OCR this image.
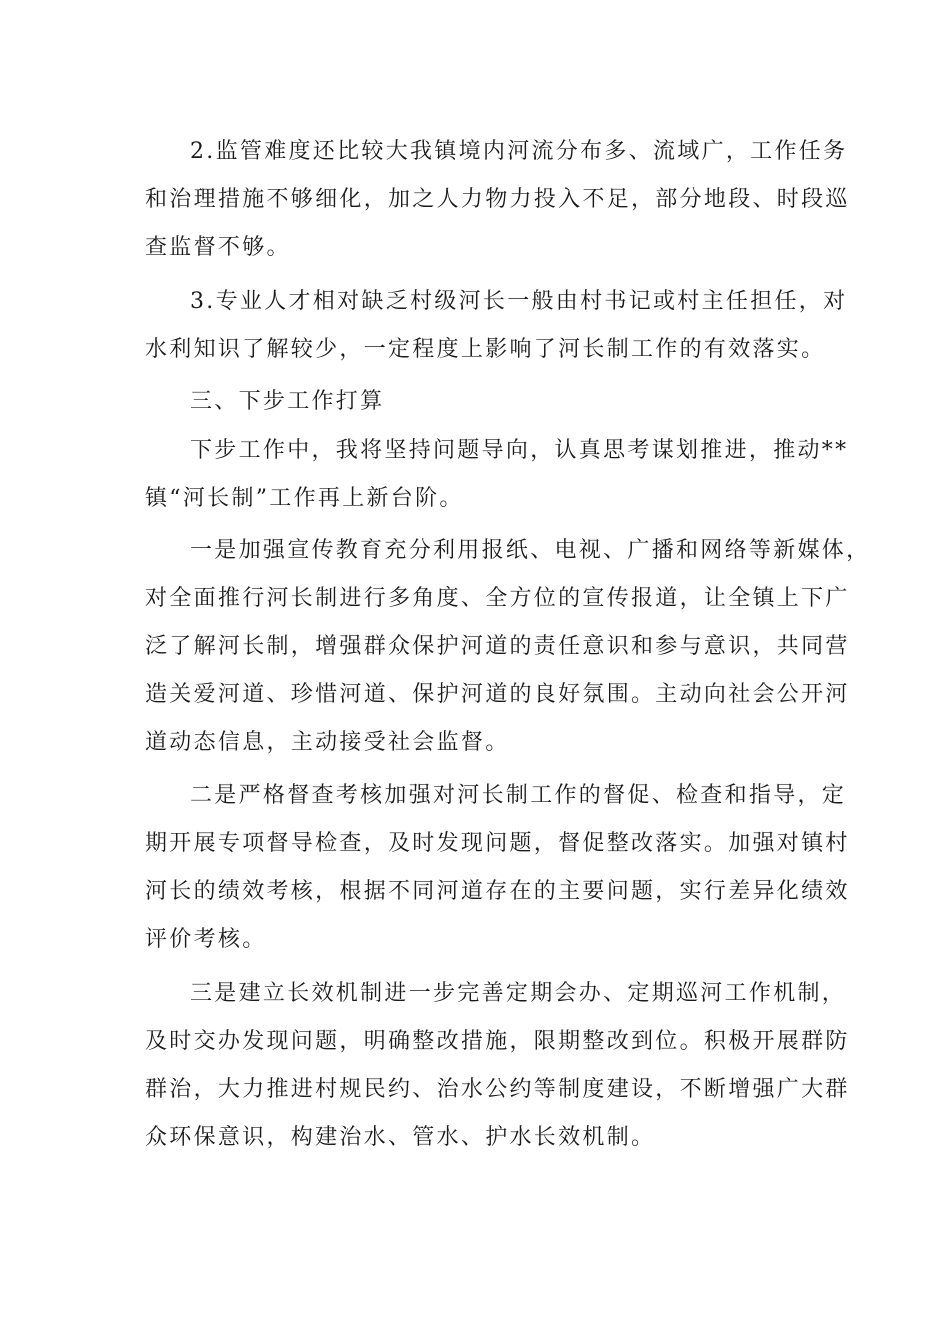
2.监管难度还比较大我镇境内河流分布多、流域广，工作任务
和治理措施不够细化，加之人力物力投入不足，部分地段、时段巡
查监督不够。
3.专业人才相对缺乏村级河长一般由村书记或村主任担任，对
水利知识了解较少，一定程度上影响了河长制工作的有效落实。
三、下步工作打算
下步工作中，我将坚持问题导向，认真思考谋划推进，推动**
镇“河长制”工作再上新台阶。
一是加强宣传教育充分利用报纸、电视、广播和网络等新媒体，
对全面推行河长制进行多角度、全方位的宣传报道，让全镇上下广
泛了解河长制，增强群众保护河道的责任意识和参与意识，共同营
造关爱河道、珍惜河道、保护河道的良好氛围。主动向社会公开河
道动态信息，主动接受社会监督。
二是严格督查考核加强对河长制工作的督促、检查和指导，定
期开展专项督导检查，及时发现问题，督促整改落实。加强对镇村
河长的绩效考核，根据不同河道存在的主要问题，实行差异化绩效
评价考核。
三是建立长效机制进一步完善定期会办、定期巡河工作机制，
及时交办发现问题，明确整改措施，限期整改到位。积极开展群防
群治，大力推进村规民约、治水公约等制度建设，不断增强广大群
众环保意识，构建治水、管水、护水长效机制。
